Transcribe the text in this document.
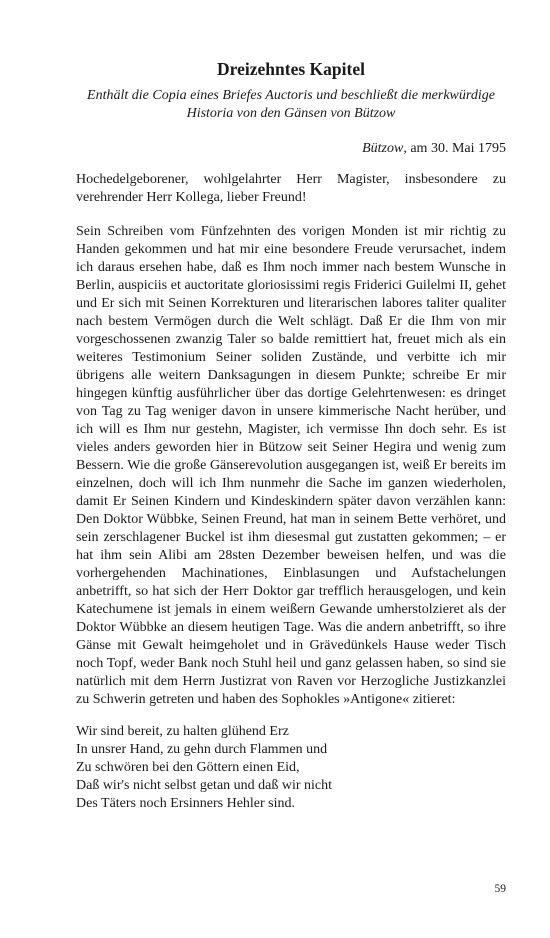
Dreizehntes Kapitel
Enthält die Copia eines Briefes Auctoris und beschließt die merkwürdige Historia von den Gänsen von Bützow
Bützow, am 30. Mai 1795
Hochedelgeborener, wohlgelahrter Herr Magister, insbesondere zu verehrender Herr Kollega, lieber Freund!
Sein Schreiben vom Fünfzehnten des vorigen Monden ist mir richtig zu Handen gekommen und hat mir eine besondere Freude verursachet, indem ich daraus ersehen habe, daß es Ihm noch immer nach bestem Wunsche in Berlin, auspiciis et auctoritate gloriosissimi regis Friderici Guilelmi II, gehet und Er sich mit Seinen Korrekturen und literarischen labores taliter qualiter nach bestem Vermögen durch die Welt schlägt. Daß Er die Ihm von mir vorgeschossenen zwanzig Taler so balde remittiert hat, freuet mich als ein weiteres Testimonium Seiner soliden Zustände, und verbitte ich mir übrigens alle weitern Danksagungen in diesem Punkte; schreibe Er mir hingegen künftig ausführlicher über das dortige Gelehrtenwesen: es dringet von Tag zu Tag weniger davon in unsere kimmerische Nacht herüber, und ich will es Ihm nur gestehn, Magister, ich vermisse Ihn doch sehr. Es ist vieles anders geworden hier in Bützow seit Seiner Hegira und wenig zum Bessern. Wie die große Gänserevolution ausgegangen ist, weiß Er bereits im einzelnen, doch will ich Ihm nunmehr die Sache im ganzen wiederholen, damit Er Seinen Kindern und Kindeskindern später davon verzählen kann: Den Doktor Wübbke, Seinen Freund, hat man in seinem Bette verhöret, und sein zerschlagener Buckel ist ihm diesesmal gut zustatten gekommen; – er hat ihm sein Alibi am 28sten Dezember beweisen helfen, und was die vorhergehenden Machinationes, Einblasungen und Aufstachelungen anbetrifft, so hat sich der Herr Doktor gar trefflich herausgelogen, und kein Katechumene ist jemals in einem weißern Gewande umherstolzieret als der Doktor Wübbke an diesem heutigen Tage. Was die andern anbetrifft, so ihre Gänse mit Gewalt heimgeholet und in Grävedünkels Hause weder Tisch noch Topf, weder Bank noch Stuhl heil und ganz gelassen haben, so sind sie natürlich mit dem Herrn Justizrat von Raven vor Herzogliche Justizkanzlei zu Schwerin getreten und haben des Sophokles »Antigone« zitieret:
Wir sind bereit, zu halten glühend Erz
In unsrer Hand, zu gehn durch Flammen und
Zu schwören bei den Göttern einen Eid,
Daß wir's nicht selbst getan und daß wir nicht
Des Täters noch Ersinners Hehler sind.
59
